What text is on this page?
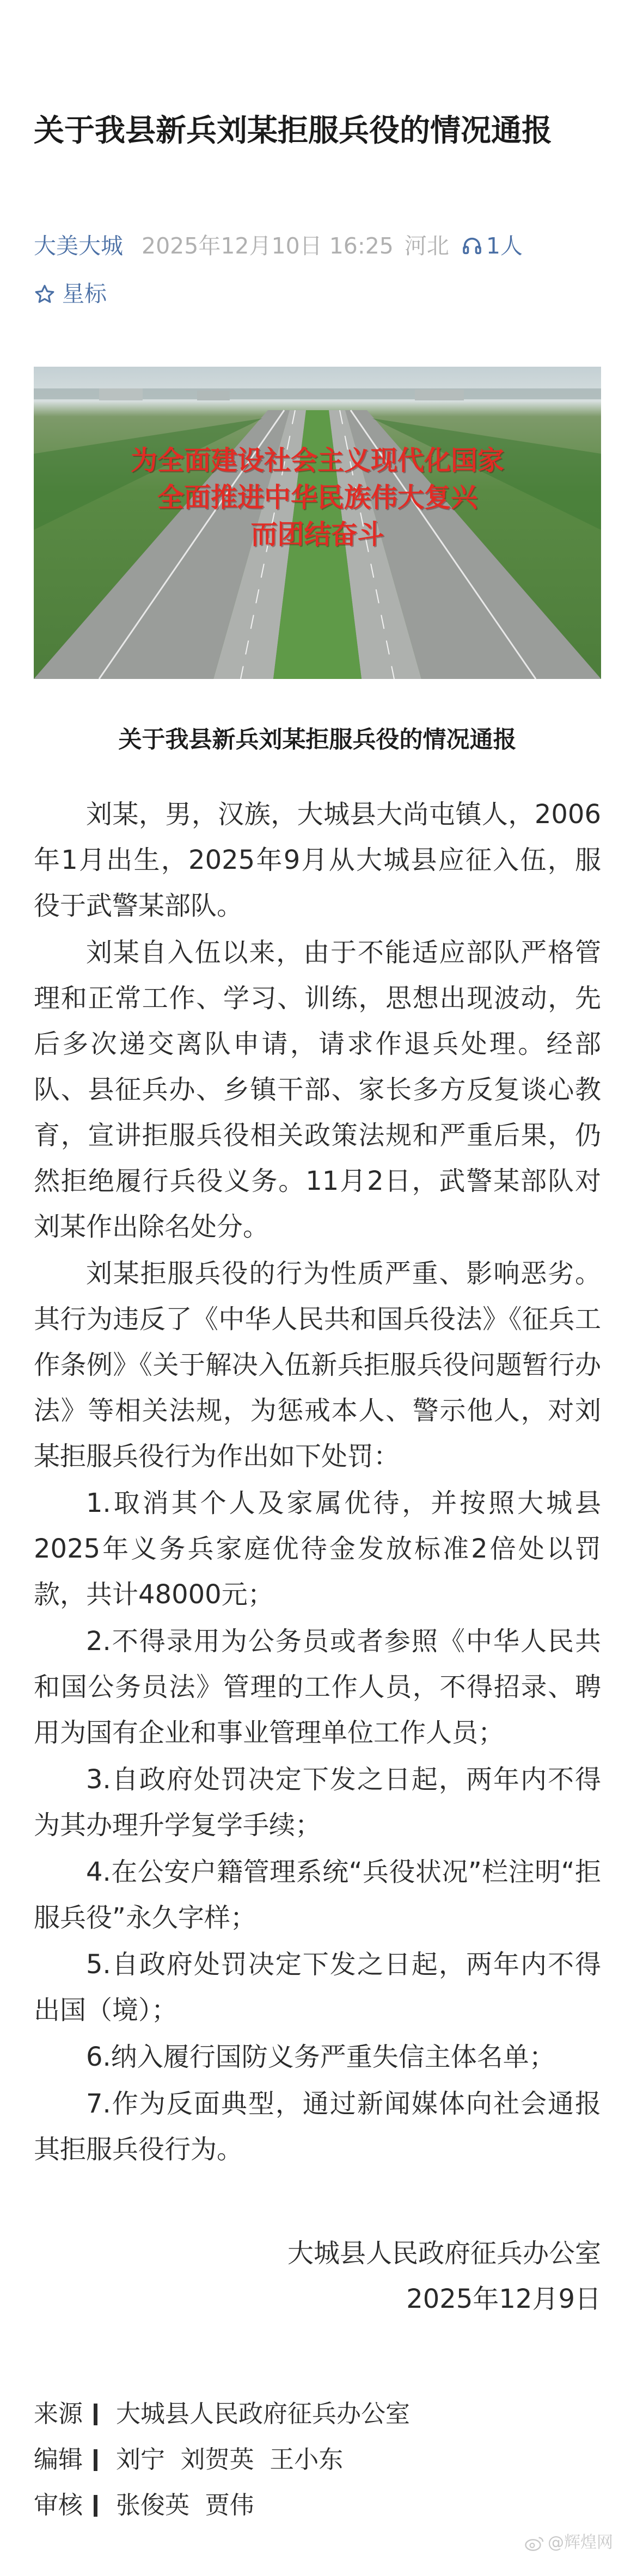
关于我县新兵刘某拒服兵役的情况通报
大美大城 2025年12月10日 16:25 河北 1人
星标
为全面建设社会主义现代化国家
全面推进中华民族伟大复兴
而团结奋斗
关于我县新兵刘某拒服兵役的情况通报

刘某，男，汉族，大城县大尚屯镇人，2006年1月出生，2025年9月从大城县应征入伍，服役于武警某部队。

刘某自入伍以来，由于不能适应部队严格管理和正常工作、学习、训练，思想出现波动，先后多次递交离队申请，请求作退兵处理。经部队、县征兵办、乡镇干部、家长多方反复谈心教育，宣讲拒服兵役相关政策法规和严重后果，仍然拒绝履行兵役义务。11月2日，武警某部队对刘某作出除名处分。

刘某拒服兵役的行为性质严重、影响恶劣。其行为违反了《中华人民共和国兵役法》《征兵工作条例》《关于解决入伍新兵拒服兵役问题暂行办法》等相关法规，为惩戒本人、警示他人，对刘某拒服兵役行为作出如下处罚：

1.取消其个人及家属优待，并按照大城县2025年义务兵家庭优待金发放标准2倍处以罚款，共计48000元；

2.不得录用为公务员或者参照《中华人民共和国公务员法》管理的工作人员，不得招录、聘用为国有企业和事业管理单位工作人员；

3.自政府处罚决定下发之日起，两年内不得为其办理升学复学手续；

4.在公安户籍管理系统“兵役状况”栏注明“拒服兵役”永久字样；

5.自政府处罚决定下发之日起，两年内不得出国（境）；

6.纳入履行国防义务严重失信主体名单；

7.作为反面典型，通过新闻媒体向社会通报其拒服兵役行为。

大城县人民政府征兵办公室
2025年12月9日
来源 大城县人民政府征兵办公室
编辑 刘宁  刘贺英  王小东
审核 张俊英  贾伟
@辉煌网
